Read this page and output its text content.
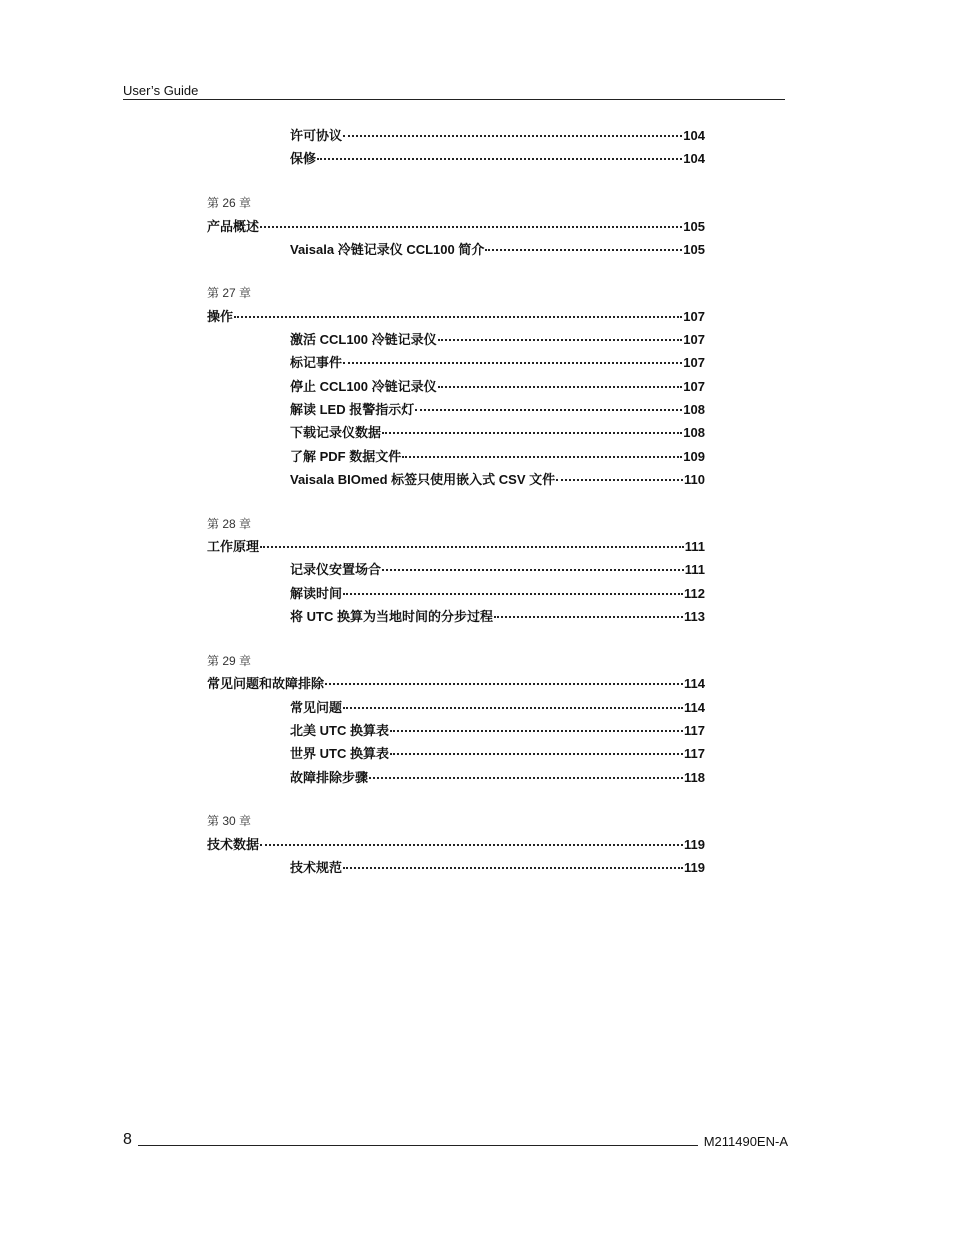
User’s Guide
许可协议	104
保修	104
第 26 章
产品概述	105
Vaisala 冷链记录仪 CCL100 简介	105
第 27 章
操作	107
激活 CCL100 冷链记录仪	107
标记事件	107
停止 CCL100 冷链记录仪	107
解读 LED 报警指示灯	108
下载记录仪数据	108
了解 PDF 数据文件	109
Vaisala BIOmed 标签只使用嵌入式 CSV 文件	110
第 28 章
工作原理	111
记录仪安置场合	111
解读时间	112
将 UTC 换算为当地时间的分步过程	113
第 29 章
常见问题和故障排除	114
常见问题	114
北美 UTC 换算表	117
世界 UTC 换算表	117
故障排除步骤	118
第 30 章
技术数据	119
技术规范	119
8	M211490EN-A
